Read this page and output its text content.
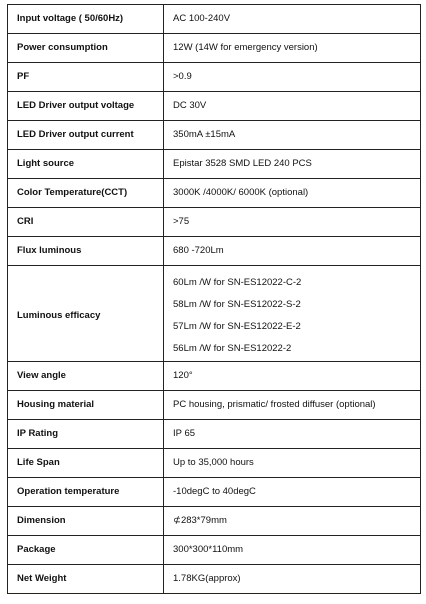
Input voltage ( 50/60Hz)	AC 100-240V
Power consumption	12W (14W for emergency version)
PF	>0.9
LED Driver output voltage	DC 30V
LED Driver output current	350mA ±15mA
Light source	Epistar 3528 SMD LED 240 PCS
Color Temperature(CCT)	3000K /4000K/ 6000K (optional)
CRI	>75
Flux luminous	680 -720Lm

Luminous efficacy	60Lm /W for SN-ES12022-C-2
58Lm /W for SN-ES12022-S-2
57Lm /W for SN-ES12022-E-2
56Lm /W for SN-ES12022-2

View angle	120°
Housing material	PC housing, prismatic/ frosted diffuser (optional)
IP Rating	IP 65
Life Span	Up to 35,000 hours
Operation temperature	-10degC to 40degC
Dimension	⊄283*79mm
Package	300*300*110mm
Net Weight	1.78KG(approx)
